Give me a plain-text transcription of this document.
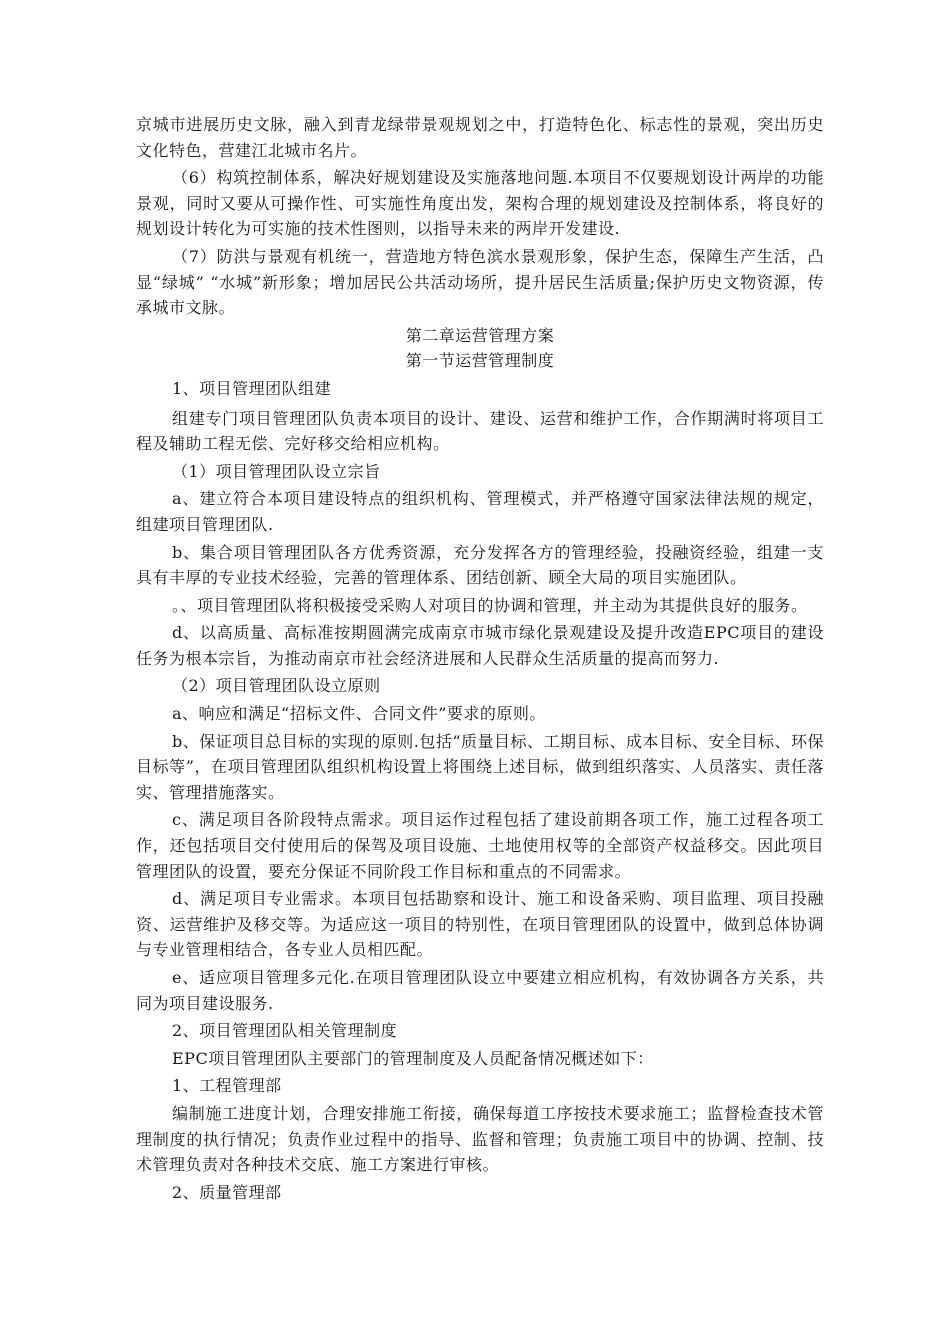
京城市进展历史文脉，融入到青龙绿带景观规划之中，打造特色化、标志性的景观，突出历史文化特色，营建江北城市名片。

（6）构筑控制体系，解决好规划建设及实施落地问题.本项目不仅要规划设计两岸的功能景观，同时又要从可操作性、可实施性角度出发，架构合理的规划建设及控制体系，将良好的规划设计转化为可实施的技术性图则，以指导未来的两岸开发建设.

（7）防洪与景观有机统一，营造地方特色滨水景观形象，保护生态，保障生产生活，凸显“绿城” “水城”新形象；增加居民公共活动场所，提升居民生活质量;保护历史文物资源，传承城市文脉。

第二章运营管理方案

第一节运营管理制度

1、项目管理团队组建

组建专门项目管理团队负责本项目的设计、建设、运营和维护工作，合作期满时将项目工程及辅助工程无偿、完好移交给相应机构。

（1）项目管理团队设立宗旨

a、建立符合本项目建设特点的组织机构、管理模式，并严格遵守国家法律法规的规定，组建项目管理团队.

b、集合项目管理团队各方优秀资源，充分发挥各方的管理经验，投融资经验，组建一支具有丰厚的专业技术经验，完善的管理体系、团结创新、顾全大局的项目实施团队。

。、项目管理团队将积极接受采购人对项目的协调和管理，并主动为其提供良好的服务。

d、以高质量、高标准按期圆满完成南京市城市绿化景观建设及提升改造EPC项目的建设任务为根本宗旨，为推动南京市社会经济进展和人民群众生活质量的提高而努力.

（2）项目管理团队设立原则

a、响应和满足“招标文件、合同文件”要求的原则。

b、保证项目总目标的实现的原则.包括“质量目标、工期目标、成本目标、安全目标、环保目标等”，在项目管理团队组织机构设置上将围绕上述目标，做到组织落实、人员落实、责任落实、管理措施落实。

c、满足项目各阶段特点需求。项目运作过程包括了建设前期各项工作，施工过程各项工作，还包括项目交付使用后的保驾及项目设施、土地使用权等的全部资产权益移交。因此项目管理团队的设置，要充分保证不同阶段工作目标和重点的不同需求。

d、满足项目专业需求。本项目包括勘察和设计、施工和设备采购、项目监理、项目投融资、运营维护及移交等。为适应这一项目的特别性，在项目管理团队的设置中，做到总体协调与专业管理相结合，各专业人员相匹配。

e、适应项目管理多元化.在项目管理团队设立中要建立相应机构，有效协调各方关系，共同为项目建设服务.

2、项目管理团队相关管理制度

EPC项目管理团队主要部门的管理制度及人员配备情况概述如下：

1、工程管理部

编制施工进度计划，合理安排施工衔接，确保每道工序按技术要求施工；监督检查技术管理制度的执行情况；负责作业过程中的指导、监督和管理；负责施工项目中的协调、控制、技术管理负责对各种技术交底、施工方案进行审核。

2、质量管理部
